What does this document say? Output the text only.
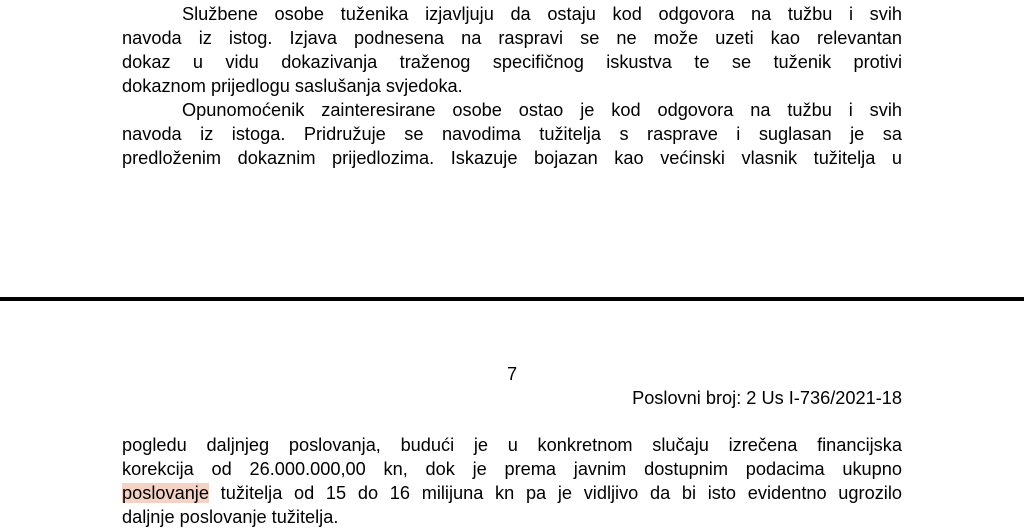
Službene osobe tuženika izjavljuju da ostaju kod odgovora na tužbu i svih
navoda iz istog. Izjava podnesena na raspravi se ne može uzeti kao relevantan
dokaz u vidu dokazivanja traženog specifičnog iskustva te se tuženik protivi
dokaznom prijedlogu saslušanja svjedoka.
Opunomoćenik zainteresirane osobe ostao je kod odgovora na tužbu i svih
navoda iz istoga. Pridružuje se navodima tužitelja s rasprave i suglasan je sa
predloženim dokaznim prijedlozima. Iskazuje bojazan kao većinski vlasnik tužitelja u
7
Poslovni broj: 2 Us I-736/2021-18
pogledu daljnjeg poslovanja, budući je u konkretnom slučaju izrečena financijska
korekcija od 26.000.000,00 kn, dok je prema javnim dostupnim podacima ukupno
poslovanje tužitelja od 15 do 16 milijuna kn pa je vidljivo da bi isto evidentno ugrozilo
daljnje poslovanje tužitelja.
